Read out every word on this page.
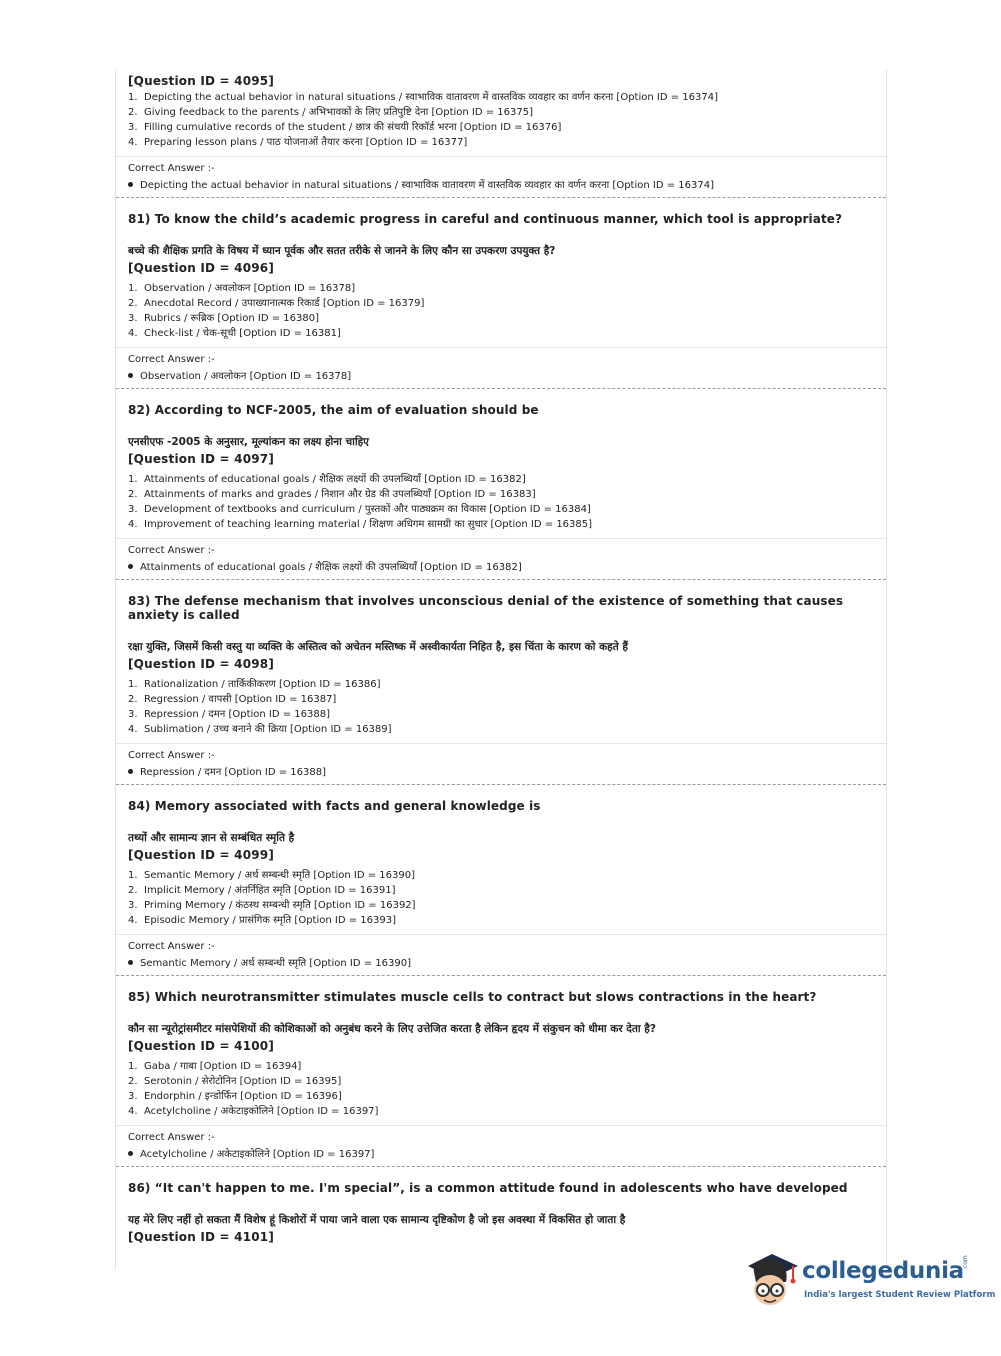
[Question ID = 4095]
1. Depicting the actual behavior in natural situations / स्वाभाविक वातावरण में वास्तविक व्यवहार का वर्णन करना [Option ID = 16374]
2. Giving feedback to the parents / अभिभावकों के लिए प्रतिपुष्टि देना [Option ID = 16375]
3. Filling cumulative records of the student / छात्र की संचयी रिकॉर्ड भरना [Option ID = 16376]
4. Preparing lesson plans / पाठ योजनाओं तैयार करना [Option ID = 16377]
Correct Answer :-
Depicting the actual behavior in natural situations / स्वाभाविक वातावरण में वास्तविक व्यवहार का वर्णन करना [Option ID = 16374]
81) To know the child’s academic progress in careful and continuous manner, which tool is appropriate?
बच्चे की शैक्षिक प्रगति के विषय में ध्यान पूर्वक और सतत तरीके से जानने के लिए कौन सा उपकरण उपयुक्त है?
[Question ID = 4096]
1. Observation / अवलोकन [Option ID = 16378]
2. Anecdotal Record / उपाख्यानात्मक रिकार्ड [Option ID = 16379]
3. Rubrics / रूब्रिक [Option ID = 16380]
4. Check-list / चेक-सूची [Option ID = 16381]
Correct Answer :-
Observation / अवलोकन [Option ID = 16378]
82) According to NCF-2005, the aim of evaluation should be
एनसीएफ -2005 के अनुसार, मूल्यांकन का लक्ष्य होना चाहिए
[Question ID = 4097]
1. Attainments of educational goals / शैक्षिक लक्ष्यों की उपलब्धियाँ [Option ID = 16382]
2. Attainments of marks and grades / निशान और ग्रेड की उपलब्धियाँ [Option ID = 16383]
3. Development of textbooks and curriculum / पुस्तकों और पाठ्यक्रम का विकास [Option ID = 16384]
4. Improvement of teaching learning material / शिक्षण अधिगम सामग्री का सुधार [Option ID = 16385]
Correct Answer :-
Attainments of educational goals / शैक्षिक लक्ष्यों की उपलब्धियाँ [Option ID = 16382]
83) The defense mechanism that involves unconscious denial of the existence of something that causes anxiety is called
रक्षा युक्ति, जिसमें किसी वस्तु या व्यक्ति के अस्तित्व को अचेतन मस्तिष्क में अस्वीकार्यता निहित है, इस चिंता के कारण को कहते हैं
[Question ID = 4098]
1. Rationalization / तार्किकीकरण [Option ID = 16386]
2. Regression / वापसी [Option ID = 16387]
3. Repression / दमन [Option ID = 16388]
4. Sublimation / उच्च बनाने की क्रिया [Option ID = 16389]
Correct Answer :-
Repression / दमन [Option ID = 16388]
84) Memory associated with facts and general knowledge is
तथ्यों और सामान्य ज्ञान से सम्बंधित स्मृति है
[Question ID = 4099]
1. Semantic Memory / अर्थ सम्बन्धी स्मृति [Option ID = 16390]
2. Implicit Memory / अंतर्निहित स्मृति [Option ID = 16391]
3. Priming Memory / कंठस्थ सम्बन्धी स्मृति [Option ID = 16392]
4. Episodic Memory / प्रासंगिक स्मृति [Option ID = 16393]
Correct Answer :-
Semantic Memory / अर्थ सम्बन्धी स्मृति [Option ID = 16390]
85) Which neurotransmitter stimulates muscle cells to contract but slows contractions in the heart?
कौन सा न्यूरोट्रांसमीटर मांसपेशियों की कोशिकाओं को अनुबंध करने के लिए उत्तेजित करता है लेकिन हृदय में संकुचन को धीमा कर देता है?
[Question ID = 4100]
1. Gaba / गाबा [Option ID = 16394]
2. Serotonin / सेरोटोनिन [Option ID = 16395]
3. Endorphin / इन्डोर्फिन [Option ID = 16396]
4. Acetylcholine / अकेटाइकोलिने [Option ID = 16397]
Correct Answer :-
Acetylcholine / अकेटाइकोलिने [Option ID = 16397]
86) “It can't happen to me. I'm special”, is a common attitude found in adolescents who have developed
यह मेरे लिए नहीं हो सकता मैं विशेष हूं किशोरों में पाया जाने वाला एक सामान्य दृष्टिकोण है जो इस अवस्था में विकसित हो जाता है
[Question ID = 4101]
collegedunia
.com
India's largest Student Review Platform
